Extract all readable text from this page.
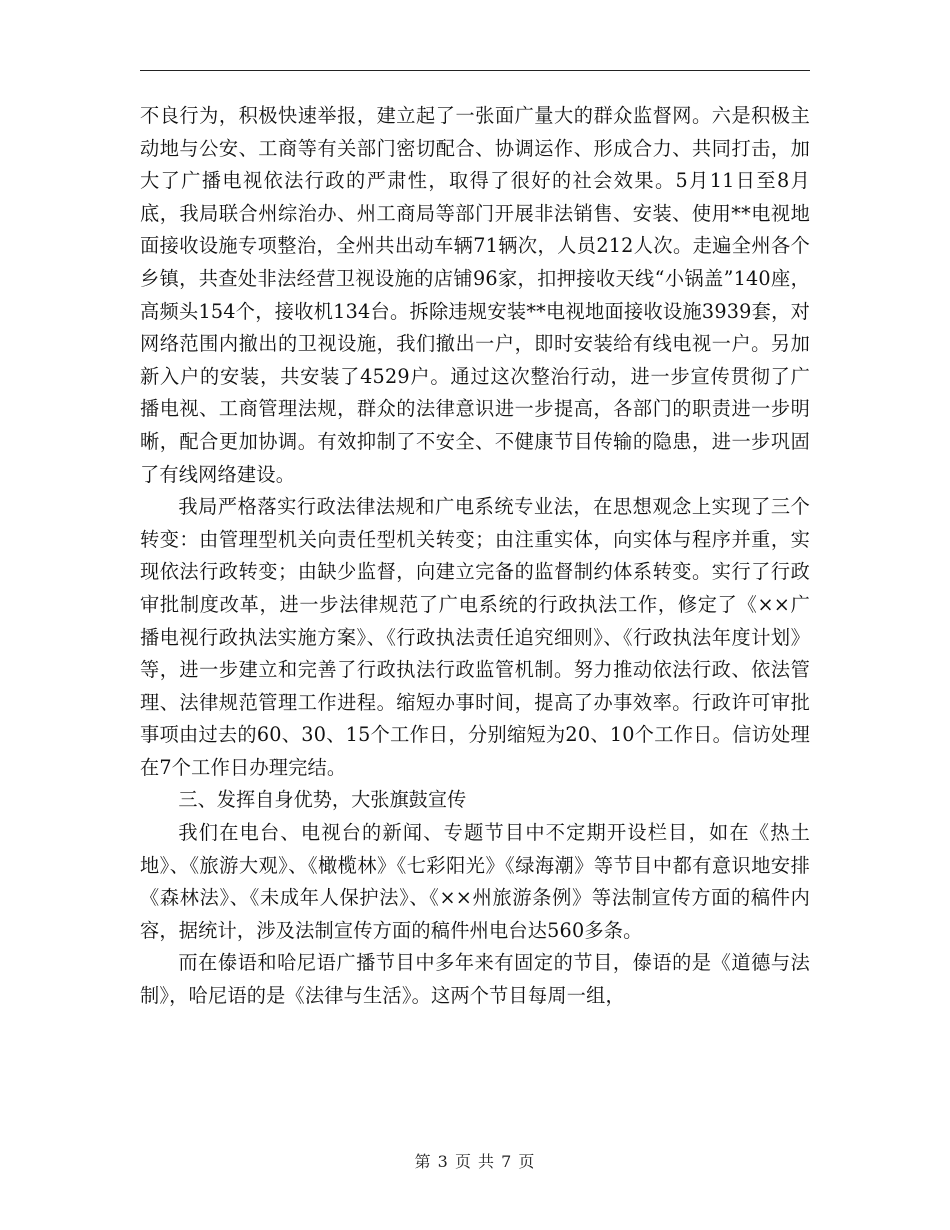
不良行为，积极快速举报，建立起了一张面广量大的群众监督网。六是积极主动地与公安、工商等有关部门密切配合、协调运作、形成合力、共同打击，加大了广播电视依法行政的严肃性，取得了很好的社会效果。5月11日至8月底，我局联合州综治办、州工商局等部门开展非法销售、安装、使用**电视地面接收设施专项整治，全州共出动车辆71辆次，人员212人次。走遍全州各个乡镇，共查处非法经营卫视设施的店铺96家，扣押接收天线“小锅盖”140座，高频头154个，接收机134台。拆除违规安装**电视地面接收设施3939套，对网络范围内撤出的卫视设施，我们撤出一户，即时安装给有线电视一户。另加新入户的安装，共安装了4529户。通过这次整治行动，进一步宣传贯彻了广播电视、工商管理法规，群众的法律意识进一步提高，各部门的职责进一步明晰，配合更加协调。有效抑制了不安全、不健康节目传输的隐患，进一步巩固了有线网络建设。

我局严格落实行政法律法规和广电系统专业法，在思想观念上实现了三个转变：由管理型机关向责任型机关转变；由注重实体，向实体与程序并重，实现依法行政转变；由缺少监督，向建立完备的监督制约体系转变。实行了行政审批制度改革，进一步法律规范了广电系统的行政执法工作，修定了《××广播电视行政执法实施方案》、《行政执法责任追究细则》、《行政执法年度计划》等，进一步建立和完善了行政执法行政监管机制。努力推动依法行政、依法管理、法律规范管理工作进程。缩短办事时间，提高了办事效率。行政许可审批事项由过去的60、30、15个工作日，分别缩短为20、10个工作日。信访处理在7个工作日办理完结。

三、发挥自身优势，大张旗鼓宣传

我们在电台、电视台的新闻、专题节目中不定期开设栏目，如在《热土地》、《旅游大观》、《橄榄林》《七彩阳光》《绿海潮》等节目中都有意识地安排《森林法》、《未成年人保护法》、《××州旅游条例》等法制宣传方面的稿件内容，据统计，涉及法制宣传方面的稿件州电台达560多条。

而在傣语和哈尼语广播节目中多年来有固定的节目，傣语的是《道德与法制》，哈尼语的是《法律与生活》。这两个节目每周一组，

第 3 页 共 7 页
